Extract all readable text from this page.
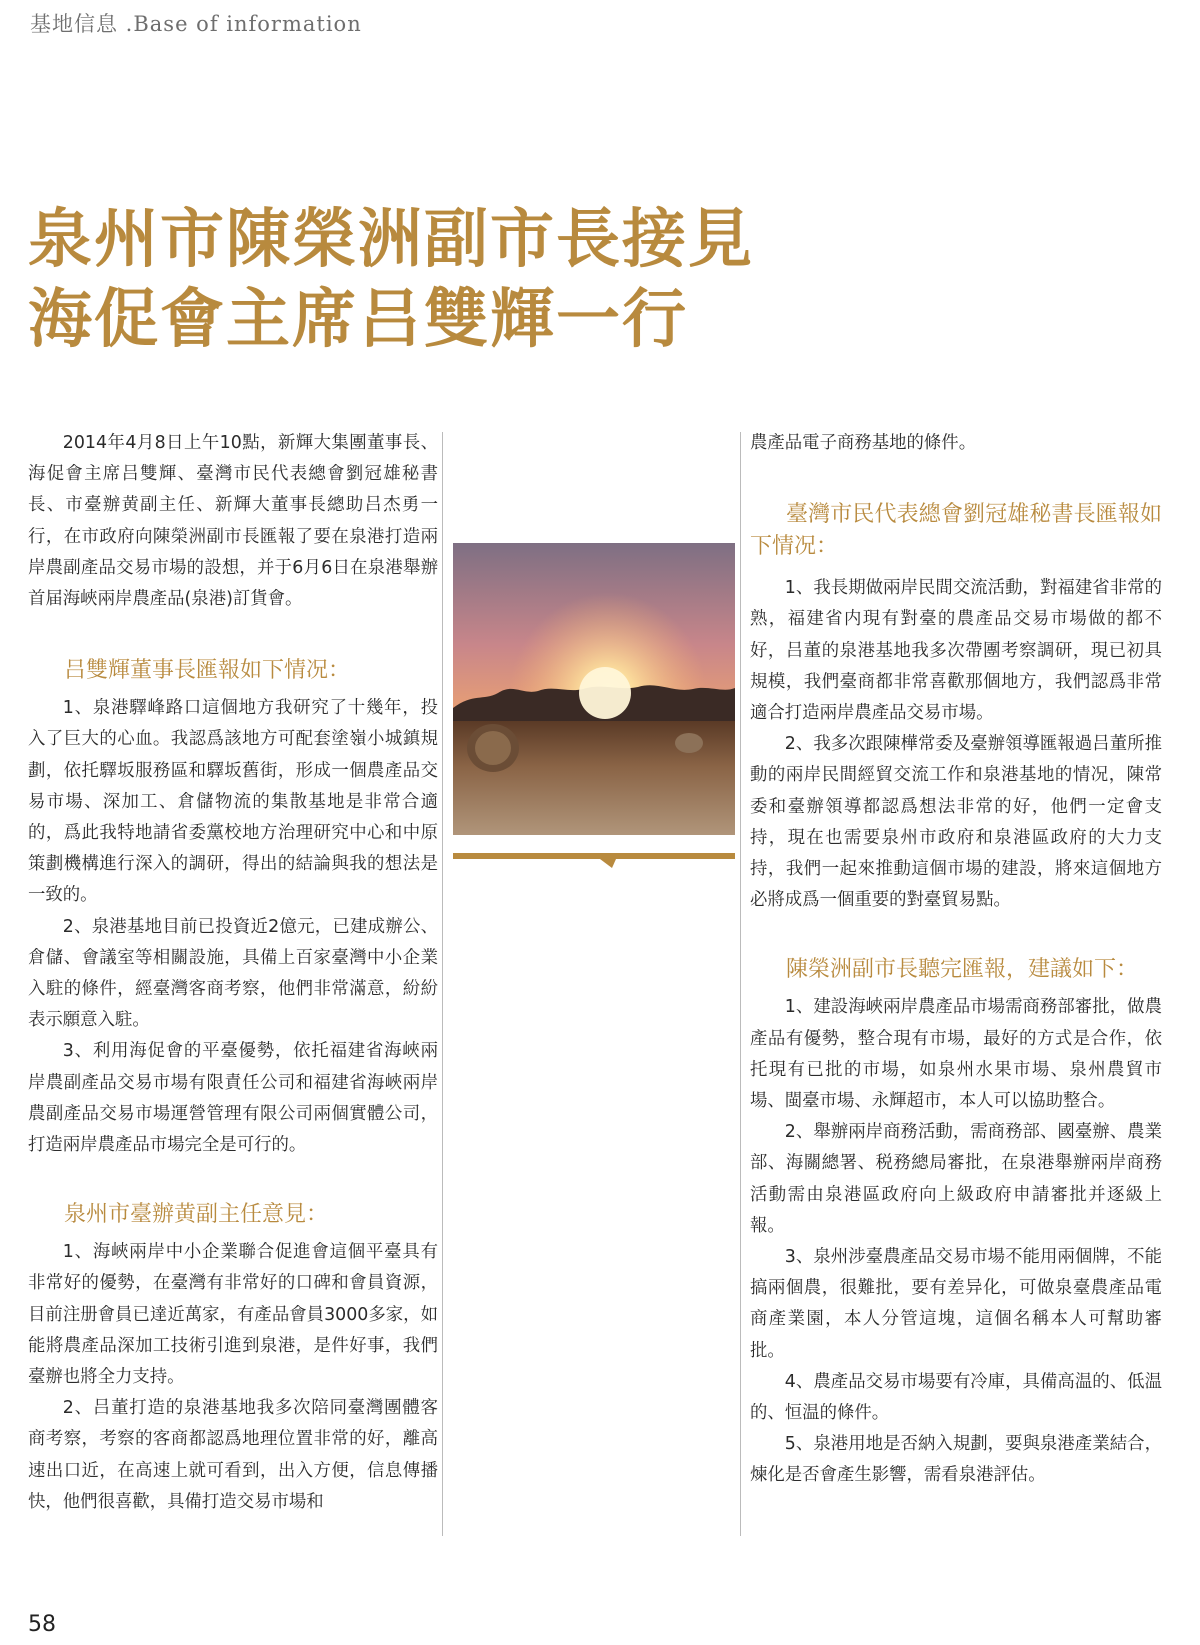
基地信息 .Base of information
泉州市陳榮洲副市長接見
海促會主席吕雙輝一行

2014年4月8日上午10點，新輝大集團董事長、海促會主席吕雙輝、臺灣市民代表總會劉冠雄秘書長、市臺辦黄副主任、新輝大董事長總助吕杰勇一行，在市政府向陳榮洲副市長匯報了要在泉港打造兩岸農副產品交易市場的設想，并于6月6日在泉港舉辦首届海峽兩岸農產品(泉港)訂貨會。

吕雙輝董事長匯報如下情况：

1、泉港驛峰路口這個地方我研究了十幾年，投入了巨大的心血。我認爲該地方可配套塗嶺小城鎮規劃，依托驛坂服務區和驛坂舊街，形成一個農產品交易市場、深加工、倉儲物流的集散基地是非常合適的，爲此我特地請省委黨校地方治理研究中心和中原策劃機構進行深入的調研，得出的結論與我的想法是一致的。

2、泉港基地目前已投資近2億元，已建成辦公、倉儲、會議室等相關設施，具備上百家臺灣中小企業入駐的條件，經臺灣客商考察，他們非常滿意，紛紛表示願意入駐。

3、利用海促會的平臺優勢，依托福建省海峽兩岸農副產品交易市場有限責任公司和福建省海峽兩岸農副產品交易市場運營管理有限公司兩個實體公司，打造兩岸農產品市場完全是可行的。

泉州市臺辦黄副主任意見：

1、海峽兩岸中小企業聯合促進會這個平臺具有非常好的優勢，在臺灣有非常好的口碑和會員資源，目前注册會員已達近萬家，有產品會員3000多家，如能將農產品深加工技術引進到泉港，是件好事，我們臺辦也將全力支持。

2、吕董打造的泉港基地我多次陪同臺灣團體客商考察，考察的客商都認爲地理位置非常的好，離高速出口近，在高速上就可看到，出入方便，信息傳播快，他們很喜歡，具備打造交易市場和

農產品電子商務基地的條件。

臺灣市民代表總會劉冠雄秘書長匯報如下情况：

1、我長期做兩岸民間交流活動，對福建省非常的熟，福建省内現有對臺的農產品交易市場做的都不好，吕董的泉港基地我多次帶團考察調研，現已初具規模，我們臺商都非常喜歡那個地方，我們認爲非常適合打造兩岸農產品交易市場。

2、我多次跟陳樺常委及臺辦領導匯報過吕董所推動的兩岸民間經貿交流工作和泉港基地的情况，陳常委和臺辦領導都認爲想法非常的好，他們一定會支持，現在也需要泉州市政府和泉港區政府的大力支持，我們一起來推動這個市場的建設，將來這個地方必將成爲一個重要的對臺貿易點。

陳榮洲副市長聽完匯報，建議如下：

1、建設海峽兩岸農產品市場需商務部審批，做農產品有優勢，整合現有市場，最好的方式是合作，依托現有已批的市場，如泉州水果市場、泉州農貿市場、閩臺市場、永輝超市，本人可以協助整合。

2、舉辦兩岸商務活動，需商務部、國臺辦、農業部、海關總署、税務總局審批，在泉港舉辦兩岸商務活動需由泉港區政府向上級政府申請審批并逐級上報。

3、泉州涉臺農產品交易市場不能用兩個牌，不能搞兩個農，很難批，要有差异化，可做泉臺農產品電商產業園，本人分管這塊，這個名稱本人可幫助審批。

4、農產品交易市場要有冷庫，具備高温的、低温的、恒温的條件。

5、泉港用地是否納入規劃，要與泉港產業結合，煉化是否會產生影響，需看泉港評估。

58
